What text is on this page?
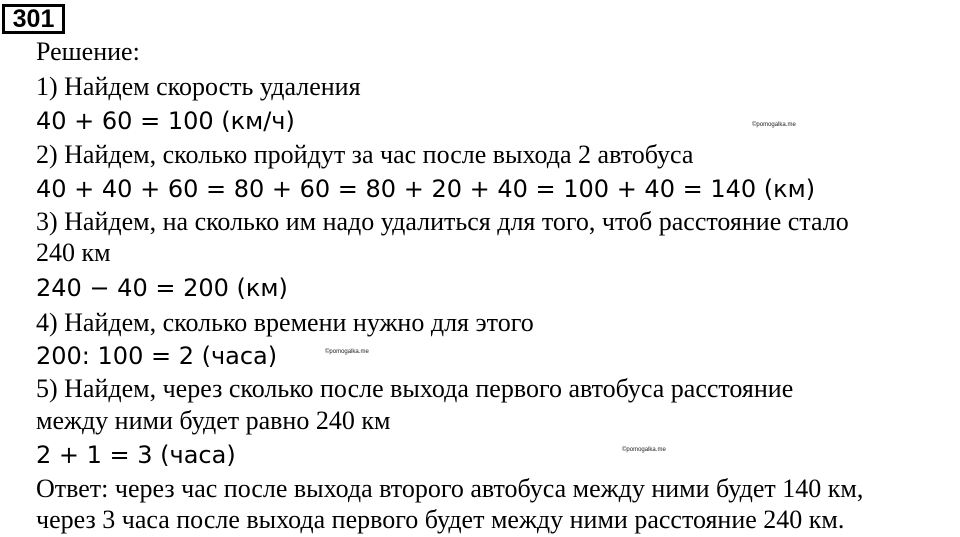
301
Решение:
1) Найдем скорость удаления
40 + 60 = 100 (км/ч)
2) Найдем, сколько пройдут за час после выхода 2 автобуса
40 + 40 + 60 = 80 + 60 = 80 + 20 + 40 = 100 + 40 = 140 (км)
3) Найдем, на сколько им надо удалиться для того, чтоб расстояние стало
240 км
240 − 40 = 200 (км)
4) Найдем, сколько времени нужно для этого
200: 100 = 2 (часа)
5) Найдем, через сколько после выхода первого автобуса расстояние
между ними будет равно 240 км
2 + 1 = 3 (часа)
Ответ: через час после выхода второго автобуса между ними будет 140 км,
через 3 часа после выхода первого будет между ними расстояние 240 км.
©pomogalka.me
©pomogalka.me
©pomogalka.me
